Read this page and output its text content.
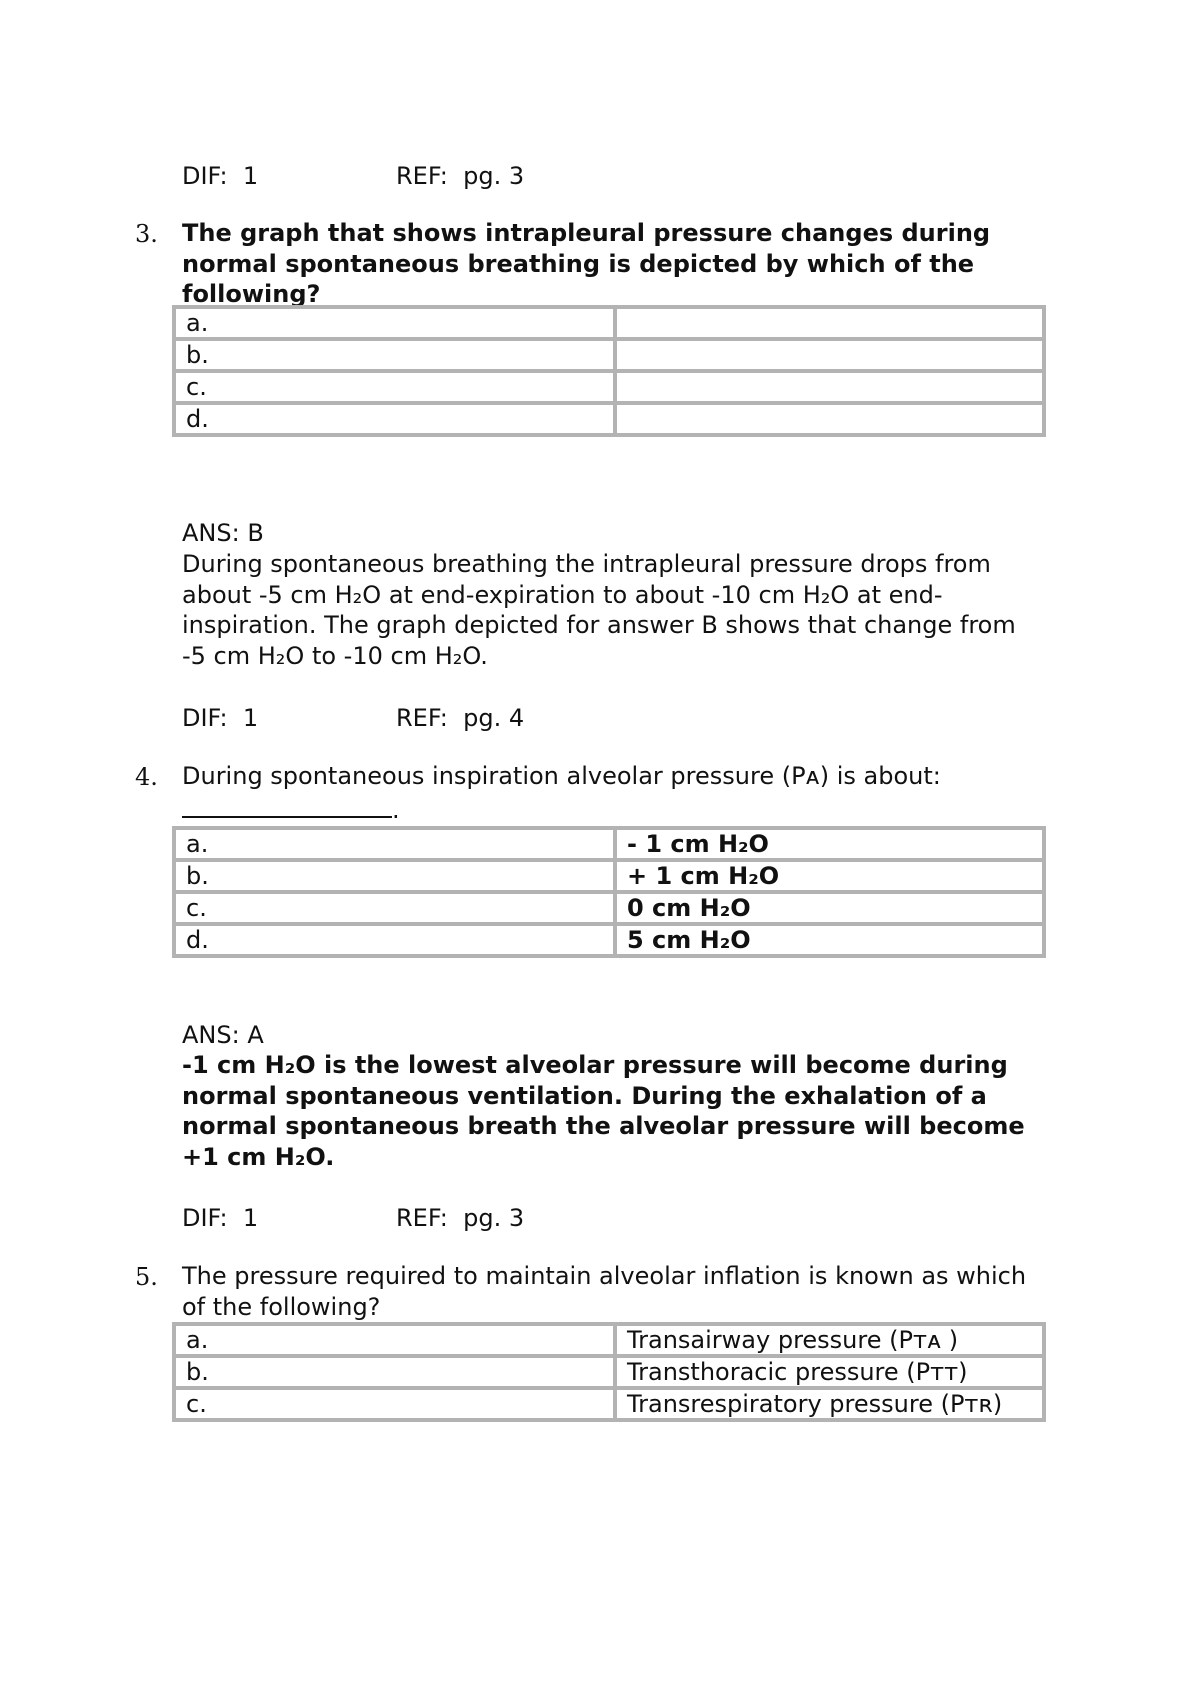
DIF:  1	REF:  pg. 3
3. The graph that shows intrapleural pressure changes during normal spontaneous breathing is depicted by which of the following?
a.	
b.	
c.	
d.	
ANS: B
During spontaneous breathing the intrapleural pressure drops from about -5 cm H₂O at end-expiration to about -10 cm H₂O at end-inspiration. The graph depicted for answer B shows that change from -5 cm H₂O to -10 cm H₂O.
DIF:  1	REF:  pg. 4
4. During spontaneous inspiration alveolar pressure (Pᴀ) is about:
.
a.	- 1 cm H₂O
b.	+ 1 cm H₂O
c.	0 cm H₂O
d.	5 cm H₂O
ANS: A
-1 cm H₂O is the lowest alveolar pressure will become during normal spontaneous ventilation. During the exhalation of a normal spontaneous breath the alveolar pressure will become +1 cm H₂O.
DIF:  1	REF:  pg. 3
5. The pressure required to maintain alveolar inflation is known as which of the following?
a.	Transairway pressure (Pᴛᴀ )
b.	Transthoracic pressure (Pᴛᴛ)
c.	Transrespiratory pressure (Pᴛʀ)
